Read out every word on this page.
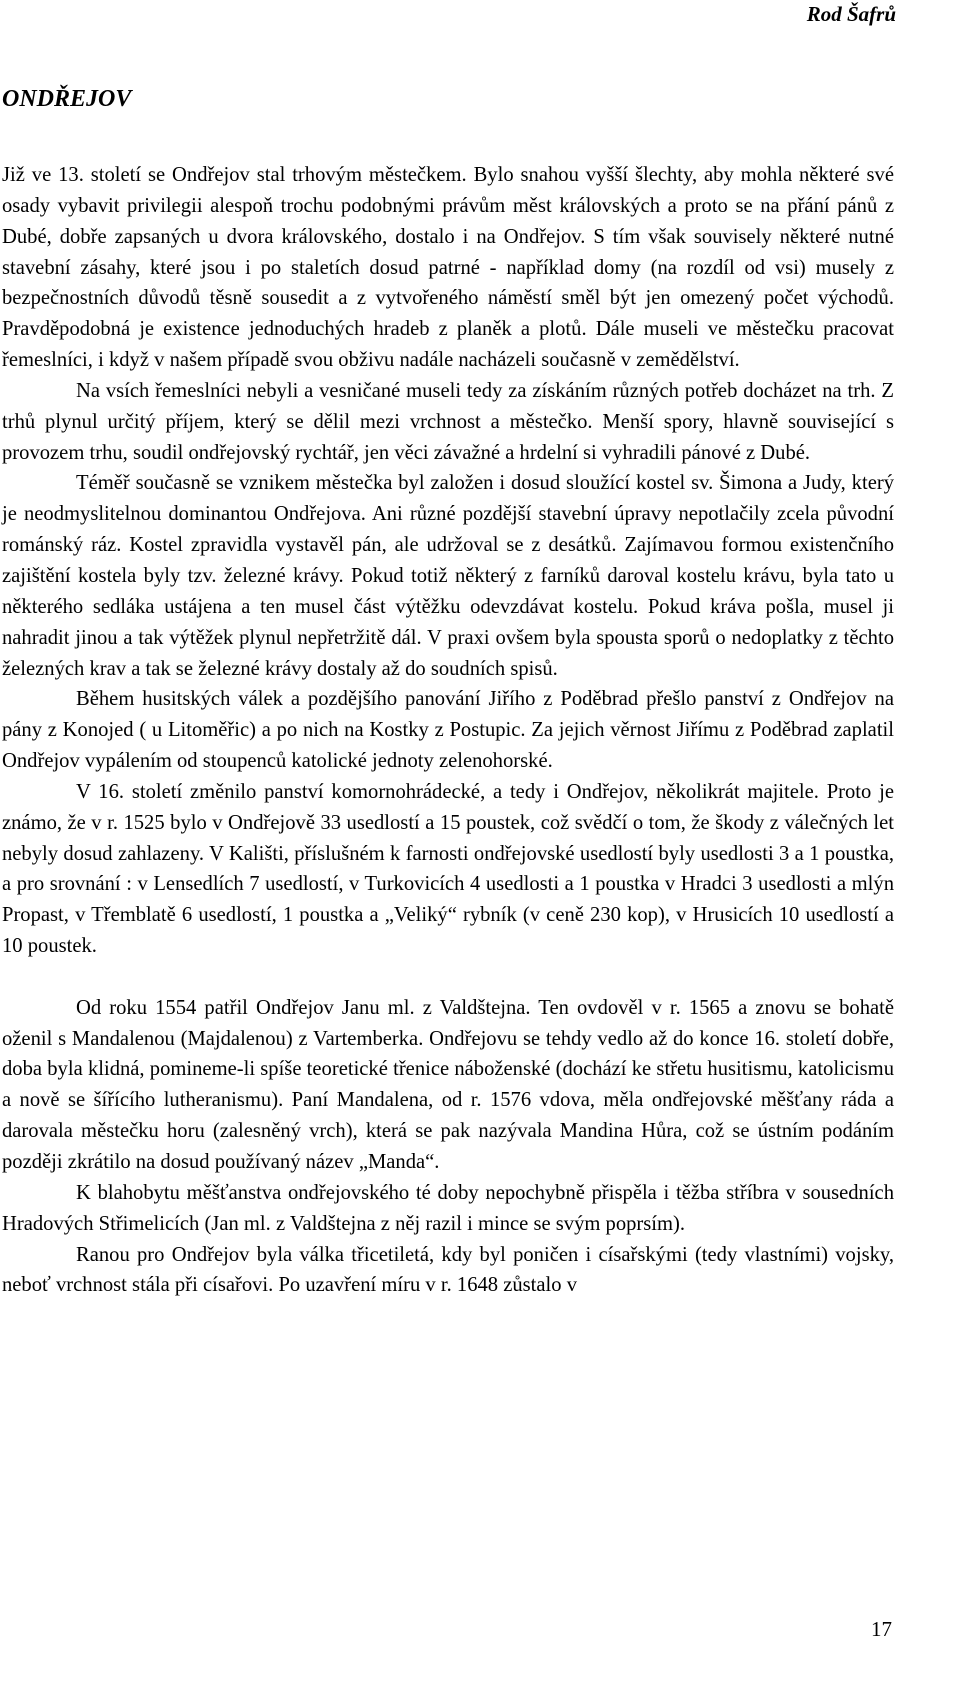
Rod Šafrů
ONDŘEJOV

Již ve 13. století se Ondřejov stal trhovým městečkem. Bylo snahou vyšší šlechty, aby mohla některé své osady vybavit privilegii alespoň trochu podobnými právům měst královských a proto se na přání pánů z Dubé, dobře zapsaných u dvora královského, dostalo i na Ondřejov. S tím však souvisely některé nutné stavební zásahy, které jsou i po staletích dosud patrné - například domy (na rozdíl od vsi) musely z bezpečnostních důvodů těsně sousedit a z vytvořeného náměstí směl být jen omezený počet východů. Pravděpodobná je existence jednoduchých hradeb z planěk a plotů. Dále museli ve městečku pracovat řemeslníci, i když v našem případě svou obživu nadále nacházeli současně v zemědělství.

Na vsích řemeslníci nebyli a vesničané museli tedy za získáním různých potřeb docházet na trh. Z trhů plynul určitý příjem, který se dělil mezi vrchnost a městečko. Menší spory, hlavně související s provozem trhu, soudil ondřejovský rychtář, jen věci závažné a hrdelní si vyhradili pánové z Dubé.

Téměř současně se vznikem městečka byl založen i dosud sloužící kostel sv. Šimona a Judy, který je neodmyslitelnou dominantou Ondřejova. Ani různé pozdější stavební úpravy nepotlačily zcela původní románský ráz. Kostel zpravidla vystavěl pán, ale udržoval se z desátků. Zajímavou formou existenčního zajištění kostela byly tzv. železné krávy. Pokud totiž některý z farníků daroval kostelu krávu, byla tato u některého sedláka ustájena a ten musel část výtěžku odevzdávat kostelu. Pokud kráva pošla, musel ji nahradit jinou a tak výtěžek plynul nepřetržitě dál. V praxi ovšem byla spousta sporů o nedoplatky z těchto železných krav a tak se železné krávy dostaly až do soudních spisů.

Během husitských válek a pozdějšího panování Jiřího z Poděbrad přešlo panství z Ondřejov na pány z Konojed ( u Litoměřic) a po nich na Kostky z Postupic. Za jejich věrnost Jiřímu z Poděbrad zaplatil Ondřejov vypálením od stoupenců katolické jednoty zelenohorské.

V 16. století změnilo panství komornohrádecké, a tedy i Ondřejov, několikrát majitele. Proto je známo, že v r. 1525 bylo v Ondřejově 33 usedlostí a 15 poustek, což svědčí o tom, že škody z válečných let nebyly dosud zahlazeny. V Kališti, příslušném k farnosti ondřejovské usedlostí byly usedlosti 3 a 1 poustka, a pro srovnání : v Lensedlích 7 usedlostí, v Turkovicích 4 usedlosti a 1 poustka v Hradci 3 usedlosti a mlýn Propast, v Třemblatě 6 usedlostí, 1 poustka a „Veliký“ rybník (v ceně 230 kop), v Hrusicích 10 usedlostí a 10 poustek.

Od roku 1554 patřil Ondřejov Janu ml. z Valdštejna. Ten ovdověl v r. 1565 a znovu se bohatě oženil s Mandalenou (Majdalenou) z Vartemberka. Ondřejovu se tehdy vedlo až do konce 16. století dobře, doba byla klidná, pomineme-li spíše teoretické třenice náboženské (dochází ke střetu husitismu, katolicismu a nově se šířícího lutheranismu). Paní Mandalena, od r. 1576 vdova, měla ondřejovské měšťany ráda a darovala městečku horu (zalesněný vrch), která se pak nazývala Mandina Hůra, což se ústním podáním později zkrátilo na dosud používaný název „Manda“.

K blahobytu měšťanstva ondřejovského té doby nepochybně přispěla i těžba stříbra v sousedních Hradových Střimelicích (Jan ml. z Valdštejna z něj razil i mince se svým poprsím).

Ranou pro Ondřejov byla válka třicetiletá, kdy byl poničen i císařskými (tedy vlastními) vojsky, neboť vrchnost stála při císařovi. Po uzavření míru v r. 1648 zůstalo v

17
